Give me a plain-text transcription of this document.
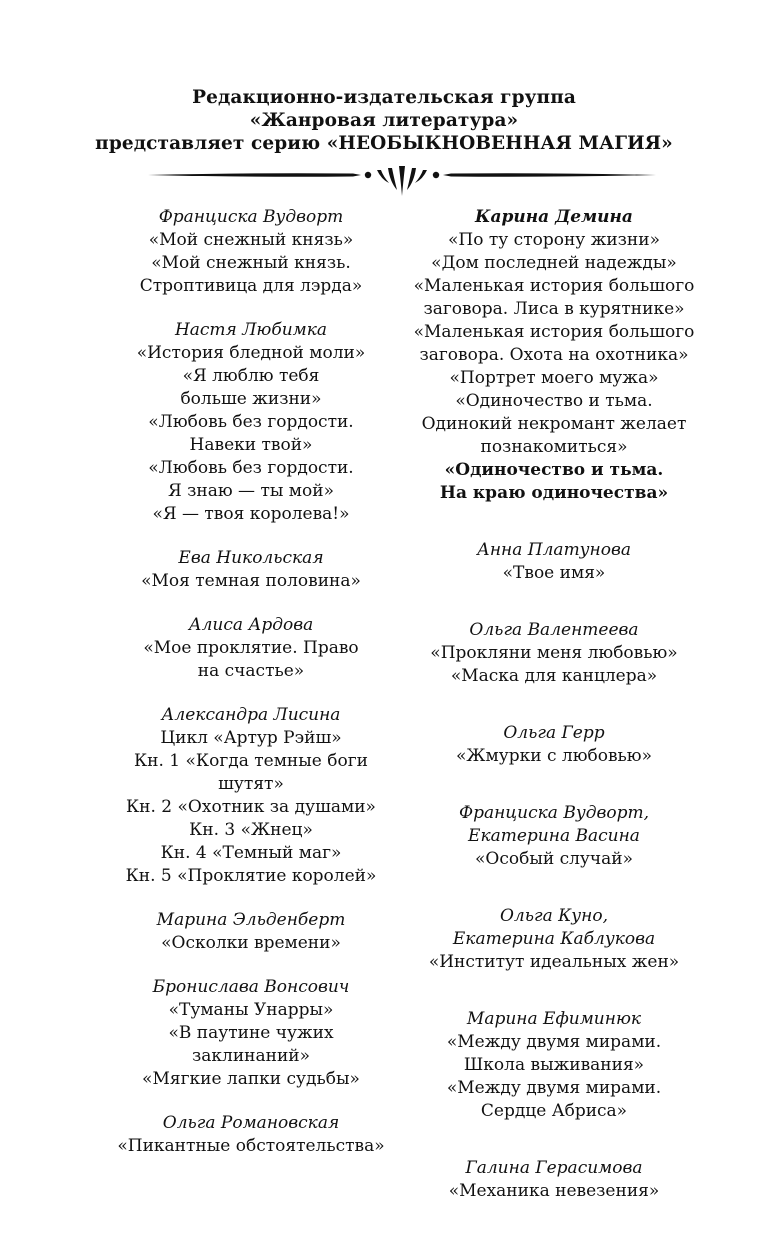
Редакционно-издательская группа
«Жанровая литература»
представляет серию «НЕОБЫКНОВЕННАЯ МАГИЯ»
Франциска Вудворт
«Мой снежный князь»
«Мой снежный князь.
Строптивица для лэрда»
Настя Любимка
«История бледной моли»
«Я люблю тебя
больше жизни»
«Любовь без гордости.
Навеки твой»
«Любовь без гордости.
Я знаю — ты мой»
«Я — твоя королева!»
Ева Никольская
«Моя темная половина»
Алиса Ардова
«Мое проклятие. Право
на счастье»
Александра Лисина
Цикл «Артур Рэйш»
Кн. 1 «Когда темные боги
шутят»
Кн. 2 «Охотник за душами»
Кн. 3 «Жнец»
Кн. 4 «Темный маг»
Кн. 5 «Проклятие королей»
Марина Эльденберт
«Осколки времени»
Бронислава Вонсович
«Туманы Унарры»
«В паутине чужих
заклинаний»
«Мягкие лапки судьбы»
Ольга Романовская
«Пикантные обстоятельства»
Карина Демина
«По ту сторону жизни»
«Дом последней надежды»
«Маленькая история большого
заговора. Лиса в курятнике»
«Маленькая история большого
заговора. Охота на охотника»
«Портрет моего мужа»
«Одиночество и тьма.
Одинокий некромант желает
познакомиться»
«Одиночество и тьма.
На краю одиночества»
Анна Платунова
«Твое имя»
Ольга Валентеева
«Прокляни меня любовью»
«Маска для канцлера»
Ольга Герр
«Жмурки с любовью»
Франциска Вудворт,
Екатерина Васина
«Особый случай»
Ольга Куно,
Екатерина Каблукова
«Институт идеальных жен»
Марина Ефиминюк
«Между двумя мирами.
Школа выживания»
«Между двумя мирами.
Сердце Абриса»
Галина Герасимова
«Механика невезения»
